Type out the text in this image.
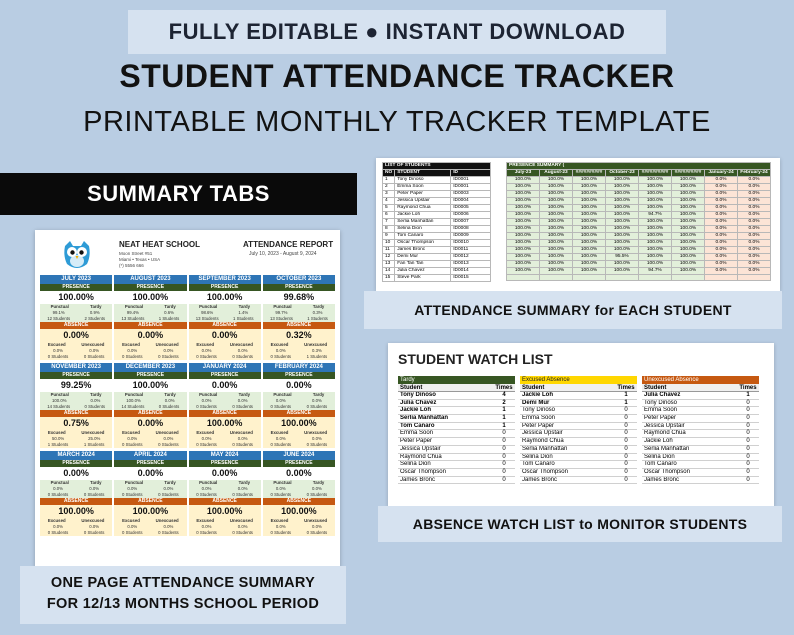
FULLY EDITABLE ● INSTANT DOWNLOAD
STUDENT ATTENDANCE TRACKER
PRINTABLE MONTHLY TRACKER TEMPLATE
SUMMARY TABS
NEAT HEAT SCHOOL
Moon Street #51
Miami • Texas • USA
(*) 5556 666
ATTENDANCE REPORT
July 10, 2023 - August 9, 2024
JULY 2023
PRESENCE
100.00%
Punctual	Tardy
99.1%	0.9%
12 Students	2 Students
ABSENCE
0.00%
Excused	Unexcused
0.0%	0.0%
0 Students	0 Students
AUGUST 2023
PRESENCE
100.00%
Punctual	Tardy
99.4%	0.6%
13 Students	1 Students
ABSENCE
0.00%
Excused	Unexcused
0.0%	0.0%
0 Students	0 Students
SEPTEMBER 2023
PRESENCE
100.00%
Punctual	Tardy
98.6%	1.4%
13 Students	1 Students
ABSENCE
0.00%
Excused	Unexcused
0.0%	0.0%
0 Students	0 Students
OCTOBER 2023
PRESENCE
99.68%
Punctual	Tardy
99.7%	0.3%
13 Students	1 Students
ABSENCE
0.32%
Excused	Unexcused
0.0%	0.3%
0 Students	1 Students
NOVEMBER 2023
PRESENCE
99.25%
Punctual	Tardy
100.0%	0.0%
14 Students	0 Students
ABSENCE
0.75%
Excused	Unexcused
50.0%	25.0%
1 Students	1 Students
DECEMBER 2023
PRESENCE
100.00%
Punctual	Tardy
100.0%	0.0%
14 Students	0 Students
ABSENCE
0.00%
Excused	Unexcused
0.0%	0.0%
0 Students	0 Students
JANUARY 2024
PRESENCE
0.00%
Punctual	Tardy
0.0%	0.0%
0 Students	0 Students
ABSENCE
100.00%
Excused	Unexcused
0.0%	0.0%
0 Students	0 Students
FEBRUARY 2024
PRESENCE
0.00%
Punctual	Tardy
0.0%	0.0%
0 Students	0 Students
ABSENCE
100.00%
Excused	Unexcused
0.0%	0.0%
0 Students	0 Students
MARCH 2024
PRESENCE
0.00%
Punctual	Tardy
0.0%	0.0%
0 Students	0 Students
ABSENCE
100.00%
Excused	Unexcused
0.0%	0.0%
0 Students	0 Students
APRIL 2024
PRESENCE
0.00%
Punctual	Tardy
0.0%	0.0%
0 Students	0 Students
ABSENCE
100.00%
Excused	Unexcused
0.0%	0.0%
0 Students	0 Students
MAY 2024
PRESENCE
0.00%
Punctual	Tardy
0.0%	0.0%
0 Students	0 Students
ABSENCE
100.00%
Excused	Unexcused
0.0%	0.0%
0 Students	0 Students
JUNE 2024
PRESENCE
0.00%
Punctual	Tardy
0.0%	0.0%
0 Students	0 Students
ABSENCE
100.00%
Excused	Unexcused
0.0%	0.0%
0 Students	0 Students
ONE PAGE ATTENDANCE SUMMARY
FOR 12/13 MONTHS SCHOOL PERIOD
LIST OF STUDENTS		
NO	STUDENT	ID
1	Tony Dinoso	ID0001
2	Emma Soon	ID0001
3	Peter Paper	ID0003
4	Jessica Upstair	ID0004
5	Raymond Chua	ID0005
6	Jackie Loh	ID0006
7	Serlia Manhattan	ID0007
8	Selina Dion	ID0008
9	Tom Canaro	ID0009
10	Oscar Thompson	ID0010
11	James Bronc	ID0011
12	Demi Mur	ID0012
13	Fan Tan Tan	ID0013
14	Julia Chavez	ID0014
15	Steve Park	ID0015
PRESENCE SUMMARY (							
July-23	August-23	##########	October-23	##########	##########	January-24	February-24
100.0%	100.0%	100.0%	100.0%	100.0%	100.0%	0.0%	0.0%
100.0%	100.0%	100.0%	100.0%	100.0%	100.0%	0.0%	0.0%
100.0%	100.0%	100.0%	100.0%	100.0%	100.0%	0.0%	0.0%
100.0%	100.0%	100.0%	100.0%	100.0%	100.0%	0.0%	0.0%
100.0%	100.0%	100.0%	100.0%	100.0%	100.0%	0.0%	0.0%
100.0%	100.0%	100.0%	100.0%	94.7%	100.0%	0.0%	0.0%
100.0%	100.0%	100.0%	100.0%	100.0%	100.0%	0.0%	0.0%
100.0%	100.0%	100.0%	100.0%	100.0%	100.0%	0.0%	0.0%
100.0%	100.0%	100.0%	100.0%	100.0%	100.0%	0.0%	0.0%
100.0%	100.0%	100.0%	100.0%	100.0%	100.0%	0.0%	0.0%
100.0%	100.0%	100.0%	100.0%	100.0%	100.0%	0.0%	0.0%
100.0%	100.0%	100.0%	95.5%	100.0%	100.0%	0.0%	0.0%
100.0%	100.0%	100.0%	100.0%	100.0%	100.0%	0.0%	0.0%
100.0%	100.0%	100.0%	100.0%	94.7%	100.0%	0.0%	0.0%

ATTENDANCE SUMMARY for EACH STUDENT
STUDENT WATCH LIST
Tardy
Student	Times
Tony Dinoso	4
Julia Chavez	2
Jackie Loh	1
Serlia Manhattan	1
Tom Canaro	1
Emma Soon	0
Peter Paper	0
Jessica Upstair	0
Raymond Chua	0
Selina Dion	0
Oscar Thompson	0
James Bronc	0
Excused Absence
Student	Times
Jackie Loh	1
Demi Mur	1
Tony Dinoso	0
Emma Soon	0
Peter Paper	0
Jessica Upstair	0
Raymond Chua	0
Serlia Manhattan	0
Selina Dion	0
Tom Canaro	0
Oscar Thompson	0
James Bronc	0
Unexcused Absence
Student	Times
Julia Chavez	1
Tony Dinoso	0
Emma Soon	0
Peter Paper	0
Jessica Upstair	0
Raymond Chua	0
Jackie Loh	0
Serlia Manhattan	0
Selina Dion	0
Tom Canaro	0
Oscar Thompson	0
James Bronc	0
ABSENCE WATCH LIST to MONITOR STUDENTS
